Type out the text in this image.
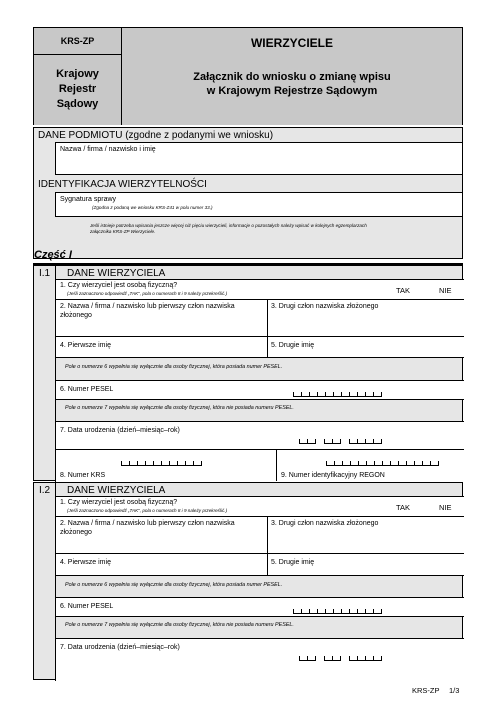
KRS-ZP
Krajowy
Rejestr
Sądowy
WIERZYCIELE
Załącznik do wniosku o zmianę wpisu
w Krajowym Rejestrze Sądowym
DANE PODMIOTU (zgodne z podanymi we wniosku)
Nazwa / firma / nazwisko i imię
IDENTYFIKACJA WIERZYTELNOŚCI
Sygnatura sprawy
(Zgodna z podaną we wniosku KRS-Z41 w polu numer 33.)
Jeśli istnieje potrzeba wpisania jeszcze więcej niż pięciu wierzycieli, informacje o pozostałych należy wpisać w kolejnych egzemplarzach
załącznika KRS-ZP Wierzyciele.
Część I
I.1 DANE WIERZYCIELA
1. Czy wierzyciel jest osobą fizyczną?
(Jeśli zaznaczono odpowiedź „TAK", pola o numerach 8 i 9 należy przekreślić.)	TAK	NIE
2. Nazwa / firma / nazwisko lub pierwszy człon nazwiska złożonego
3. Drugi człon nazwiska złożonego
4. Pierwsze imię	5. Drugie imię
Pole o numerze 6 wypełnia się wyłącznie dla osoby fizycznej, która posiada numer PESEL.
6. Numer PESEL
Pole o numerze 7 wypełnia się wyłącznie dla osoby fizycznej, która nie posiada numeru PESEL.
7. Data urodzenia (dzień–miesiąc–rok)
8. Numer KRS	9. Numer identyfikacyjny REGON
I.2 DANE WIERZYCIELA
1. Czy wierzyciel jest osobą fizyczną?
(Jeśli zaznaczono odpowiedź „TAK", pola o numerach 8 i 9 należy przekreślić.)	TAK	NIE
2. Nazwa / firma / nazwisko lub pierwszy człon nazwiska złożonego
3. Drugi człon nazwiska złożonego
4. Pierwsze imię	5. Drugie imię
Pole o numerze 6 wypełnia się wyłącznie dla osoby fizycznej, która posiada numer PESEL.
6. Numer PESEL
Pole o numerze 7 wypełnia się wyłącznie dla osoby fizycznej, która nie posiada numeru PESEL.
7. Data urodzenia (dzień–miesiąc–rok)
KRS-ZP 1/3
